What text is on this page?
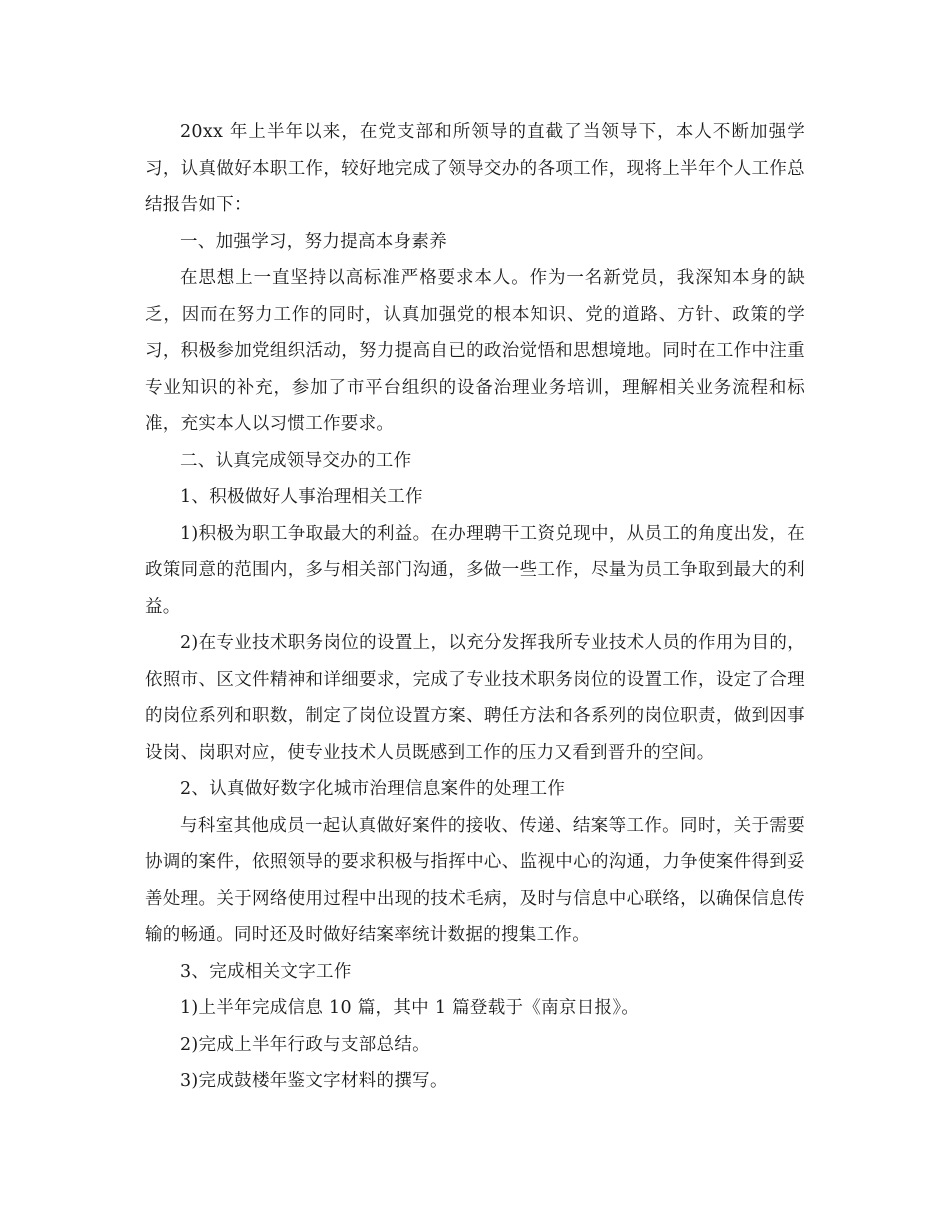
20xx 年上半年以来，在党支部和所领导的直截了当领导下，本人不断加强学习，认真做好本职工作，较好地完成了领导交办的各项工作，现将上半年个人工作总结报告如下：

一、加强学习，努力提高本身素养

在思想上一直坚持以高标准严格要求本人。作为一名新党员，我深知本身的缺乏，因而在努力工作的同时，认真加强党的根本知识、党的道路、方针、政策的学习，积极参加党组织活动，努力提高自已的政治觉悟和思想境地。同时在工作中注重专业知识的补充，参加了市平台组织的设备治理业务培训，理解相关业务流程和标准，充实本人以习惯工作要求。

二、认真完成领导交办的工作

1、积极做好人事治理相关工作

1)积极为职工争取最大的利益。在办理聘干工资兑现中，从员工的角度出发，在政策同意的范围内，多与相关部门沟通，多做一些工作，尽量为员工争取到最大的利益。

2)在专业技术职务岗位的设置上，以充分发挥我所专业技术人员的作用为目的，依照市、区文件精神和详细要求，完成了专业技术职务岗位的设置工作，设定了合理的岗位系列和职数，制定了岗位设置方案、聘任方法和各系列的岗位职责，做到因事设岗、岗职对应，使专业技术人员既感到工作的压力又看到晋升的空间。

2、认真做好数字化城市治理信息案件的处理工作

与科室其他成员一起认真做好案件的接收、传递、结案等工作。同时，关于需要协调的案件，依照领导的要求积极与指挥中心、监视中心的沟通，力争使案件得到妥善处理。关于网络使用过程中出现的技术毛病，及时与信息中心联络，以确保信息传输的畅通。同时还及时做好结案率统计数据的搜集工作。

3、完成相关文字工作

1)上半年完成信息 10 篇，其中 1 篇登载于《南京日报》。

2)完成上半年行政与支部总结。

3)完成鼓楼年鉴文字材料的撰写。
